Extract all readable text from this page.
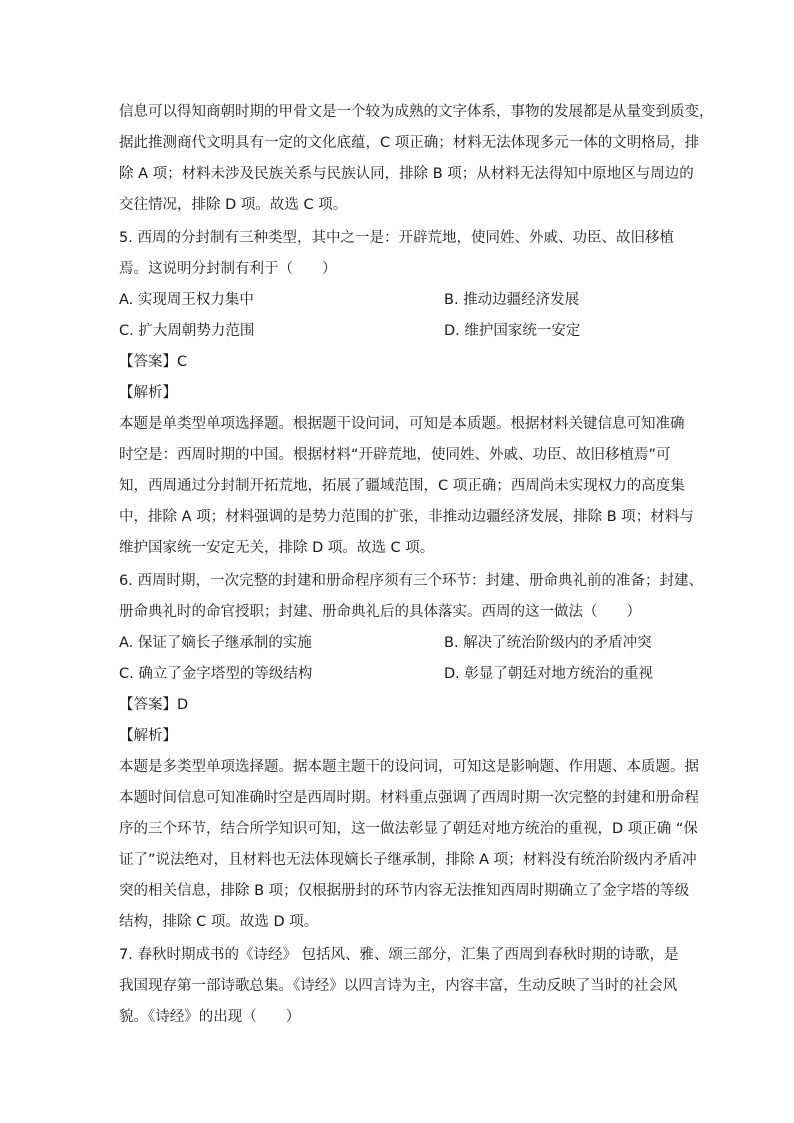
信息可以得知商朝时期的甲骨文是一个较为成熟的文字体系，事物的发展都是从量变到质变，
据此推测商代文明具有一定的文化底蕴，C 项正确；材料无法体现多元一体的文明格局，排
除 A 项；材料未涉及民族关系与民族认同，排除 B 项；从材料无法得知中原地区与周边的
交往情况，排除 D 项。故选 C 项。
5. 西周的分封制有三种类型，其中之一是：开辟荒地，使同姓、外戚、功臣、故旧移植
焉。这说明分封制有利于（　　）
A. 实现周王权力集中	B. 推动边疆经济发展
C. 扩大周朝势力范围	D. 维护国家统一安定
【答案】C
【解析】
本题是单类型单项选择题。根据题干设问词，可知是本质题。根据材料关键信息可知准确
时空是：西周时期的中国。根据材料“开辟荒地，使同姓、外戚、功臣、故旧移植焉”可
知，西周通过分封制开拓荒地，拓展了疆域范围，C 项正确；西周尚未实现权力的高度集
中，排除 A 项；材料强调的是势力范围的扩张，非推动边疆经济发展，排除 B 项；材料与
维护国家统一安定无关，排除 D 项。故选 C 项。
6. 西周时期，一次完整的封建和册命程序须有三个环节：封建、册命典礼前的准备；封建、
册命典礼时的命官授职；封建、册命典礼后的具体落实。西周的这一做法（　　）
A. 保证了嫡长子继承制的实施	B. 解决了统治阶级内的矛盾冲突
C. 确立了金字塔型的等级结构	D. 彰显了朝廷对地方统治的重视
【答案】D
【解析】
本题是多类型单项选择题。据本题主题干的设问词，可知这是影响题、作用题、本质题。据
本题时间信息可知准确时空是西周时期。材料重点强调了西周时期一次完整的封建和册命程
序的三个环节，结合所学知识可知，这一做法彰显了朝廷对地方统治的重视，D 项正确 “保
证了”说法绝对，且材料也无法体现嫡长子继承制，排除 A 项；材料没有统治阶级内矛盾冲
突的相关信息，排除 B 项；仅根据册封的环节内容无法推知西周时期确立了金字塔的等级
结构，排除 C 项。故选 D 项。
7. 春秋时期成书的《诗经》 包括风、雅、颂三部分，汇集了西周到春秋时期的诗歌，是
我国现存第一部诗歌总集。《诗经》以四言诗为主，内容丰富，生动反映了当时的社会风
貌。《诗经》的出现（　　）
